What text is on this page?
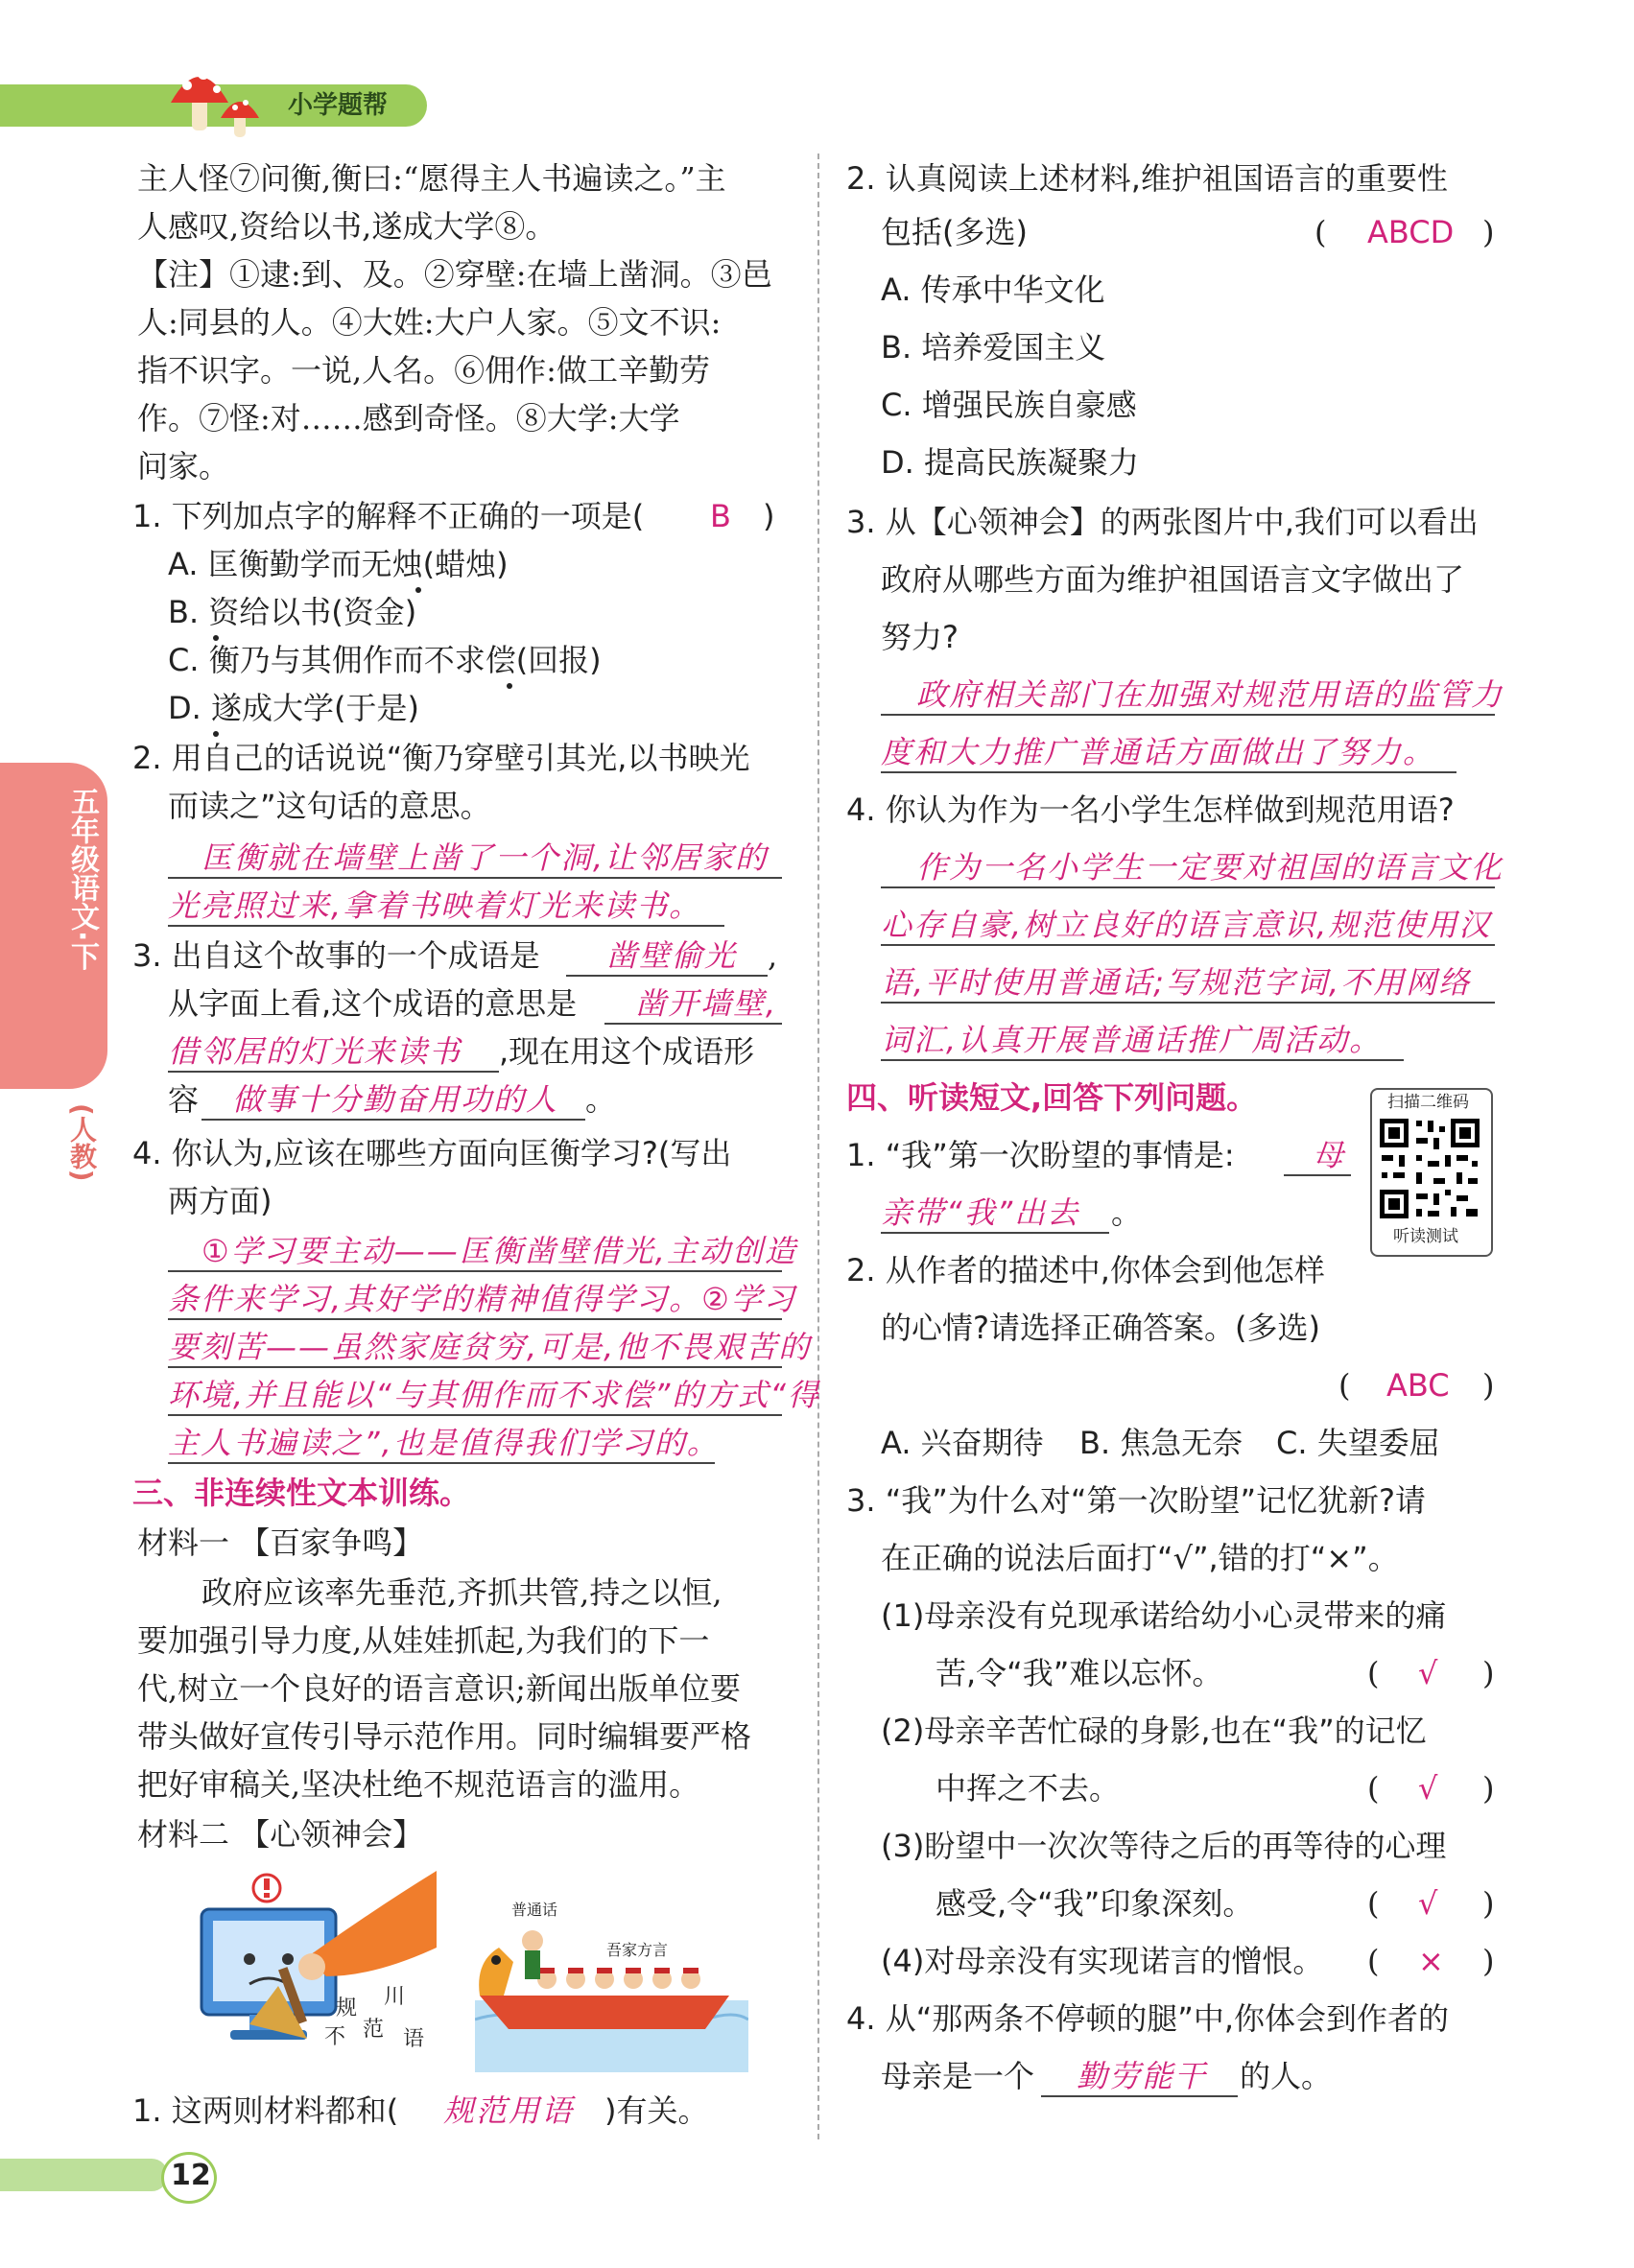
小学题帮
五年级语文·下
(人教)
主人怪⑦问衡,衡曰:“愿得主人书遍读之。”主
人感叹,资给以书,遂成大学⑧。
【注】①逮:到、及。②穿壁:在墙上凿洞。③邑
人:同县的人。④大姓:大户人家。⑤文不识:
指不识字。一说,人名。⑥佣作:做工辛勤劳
作。⑦怪:对……感到奇怪。⑧大学:大学
问家。
1. 下列加点字的解释不正确的一项是( B )
A. 匡衡勤学而无烛(蜡烛)
B. 资给以书(资金)
C. 衡乃与其佣作而不求偿(回报)
D. 遂成大学(于是)
2. 用自己的话说说“衡乃穿壁引其光,以书映光
而读之”这句话的意思。
匡衡就在墙壁上凿了一个洞,让邻居家的
光亮照过来,拿着书映着灯光来读书。
3. 出自这个故事的一个成语是 凿壁偷光 ,
从字面上看,这个成语的意思是 凿开墙壁,
借邻居的灯光来读书 ,现在用这个成语形
容 做事十分勤奋用功的人 。
4. 你认为,应该在哪些方面向匡衡学习?(写出
两方面)
①学习要主动——匡衡凿壁借光,主动创造
条件来学习,其好学的精神值得学习。②学习
要刻苦——虽然家庭贫穷,可是,他不畏艰苦的
环境,并且能以“与其佣作而不求偿”的方式“得
主人书遍读之”,也是值得我们学习的。
三、非连续性文本训练。
材料一 【百家争鸣】
政府应该率先垂范,齐抓共管,持之以恒,
要加强引导力度,从娃娃抓起,为我们的下一
代,树立一个良好的语言意识;新闻出版单位要
带头做好宣传引导示范作用。同时编辑要严格
把好审稿关,坚决杜绝不规范语言的滥用。
材料二 【心领神会】
规 川
不 范 语
普通话
吾家方言
1. 这两则材料都和( 规范用语 )有关。
12
2. 认真阅读上述材料,维护祖国语言的重要性
包括(多选)	( ABCD )
A. 传承中华文化
B. 培养爱国主义
C. 增强民族自豪感
D. 提高民族凝聚力
3. 从【心领神会】的两张图片中,我们可以看出
政府从哪些方面为维护祖国语言文字做出了
努力?
政府相关部门在加强对规范用语的监管力
度和大力推广普通话方面做出了努力。
4. 你认为作为一名小学生怎样做到规范用语?
作为一名小学生一定要对祖国的语言文化
心存自豪,树立良好的语言意识,规范使用汉
语,平时使用普通话;写规范字词,不用网络
词汇,认真开展普通话推广周活动。
四、听读短文,回答下列问题。	扫描二维码
听读测试
1. “我”第一次盼望的事情是:	母
亲带“我”出去 。
2. 从作者的描述中,你体会到他怎样
的心情?请选择正确答案。(多选)
( ABC )
A. 兴奋期待 B. 焦急无奈 C. 失望委屈
3. “我”为什么对“第一次盼望”记忆犹新?请
在正确的说法后面打“√”,错的打“×”。
(1)母亲没有兑现承诺给幼小心灵带来的痛
苦,令“我”难以忘怀。	( √ )
(2)母亲辛苦忙碌的身影,也在“我”的记忆
中挥之不去。	( √ )
(3)盼望中一次次等待之后的再等待的心理
感受,令“我”印象深刻。	( √ )
(4)对母亲没有实现诺言的憎恨。 ( × )
4. 从“那两条不停顿的腿”中,你体会到作者的
母亲是一个 勤劳能干 的人。
